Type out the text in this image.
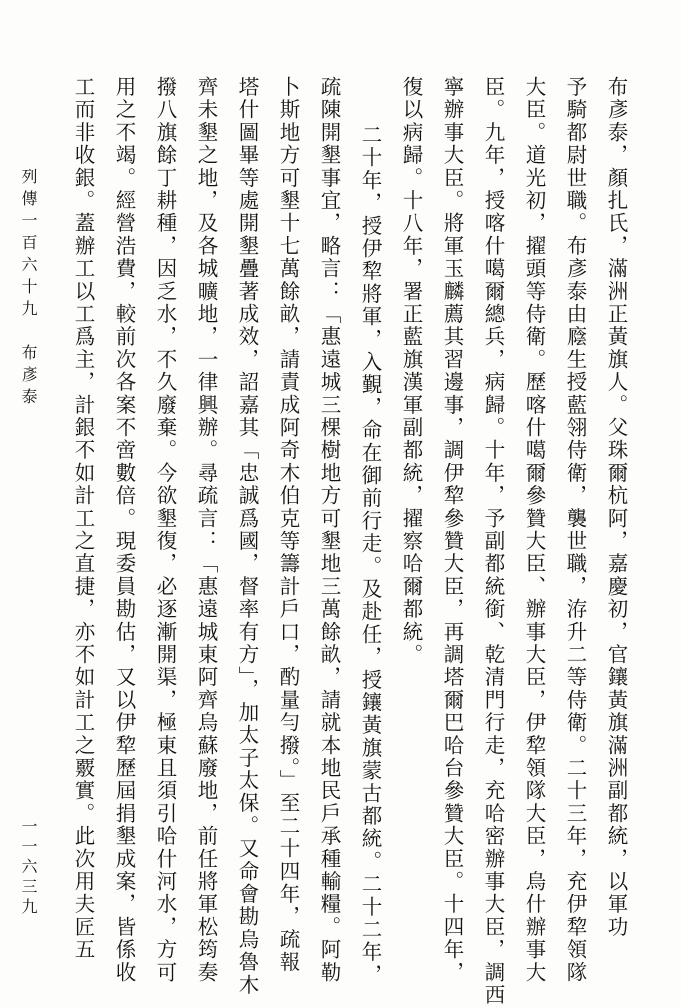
布彥泰，顏扎氏，滿洲正黃旗人。父珠爾杭阿，嘉慶初，官鑲黃旗滿洲副都統，以軍功
予騎都尉世職。布彥泰由廕生授藍翎侍衛，襲世職，洊升二等侍衛。二十三年，充伊犂領隊
大臣。道光初，擢頭等侍衛。歷喀什噶爾參贊大臣、辦事大臣，伊犂領隊大臣，烏什辦事大
臣。九年，授喀什噶爾總兵，病歸。十年，予副都統銜、乾清門行走，充哈密辦事大臣，調西
寧辦事大臣。將軍玉麟薦其習邊事，調伊犂參贊大臣，再調塔爾巴哈台參贊大臣。十四年，
復以病歸。十八年，署正藍旗漢軍副都統，擢察哈爾都統。
二十年，授伊犂將軍，入覲，命在御前行走。及赴任，授鑲黃旗蒙古都統。二十二年，
疏陳開墾事宜，略言：「惠遠城三棵樹地方可墾地三萬餘畝，請就本地民戶承種輸糧。阿勒
卜斯地方可墾十七萬餘畝，請責成阿奇木伯克等籌計戶口，酌量勻撥。」至二十四年，疏報
塔什圖畢等處開墾疊著成效，詔嘉其「忠誠爲國，督率有方」，加太子太保。又命會勘烏魯木
齊未墾之地，及各城曠地，一律興辦。尋疏言：「惠遠城東阿齊烏蘇廢地，前任將軍松筠奏
撥八旗餘丁耕種，因乏水，不久廢棄。今欲墾復，必逐漸開渠，極東且須引哈什河水，方可
用之不竭。經營浩費，較前次各案不啻數倍。現委員勘估，又以伊犂歷屆捐墾成案，皆係收
工而非收銀。蓋辦工以工爲主，計銀不如計工之直捷，亦不如計工之覈實。此次用夫匠五
列傳一百六十九　布彥泰
一一六三九
